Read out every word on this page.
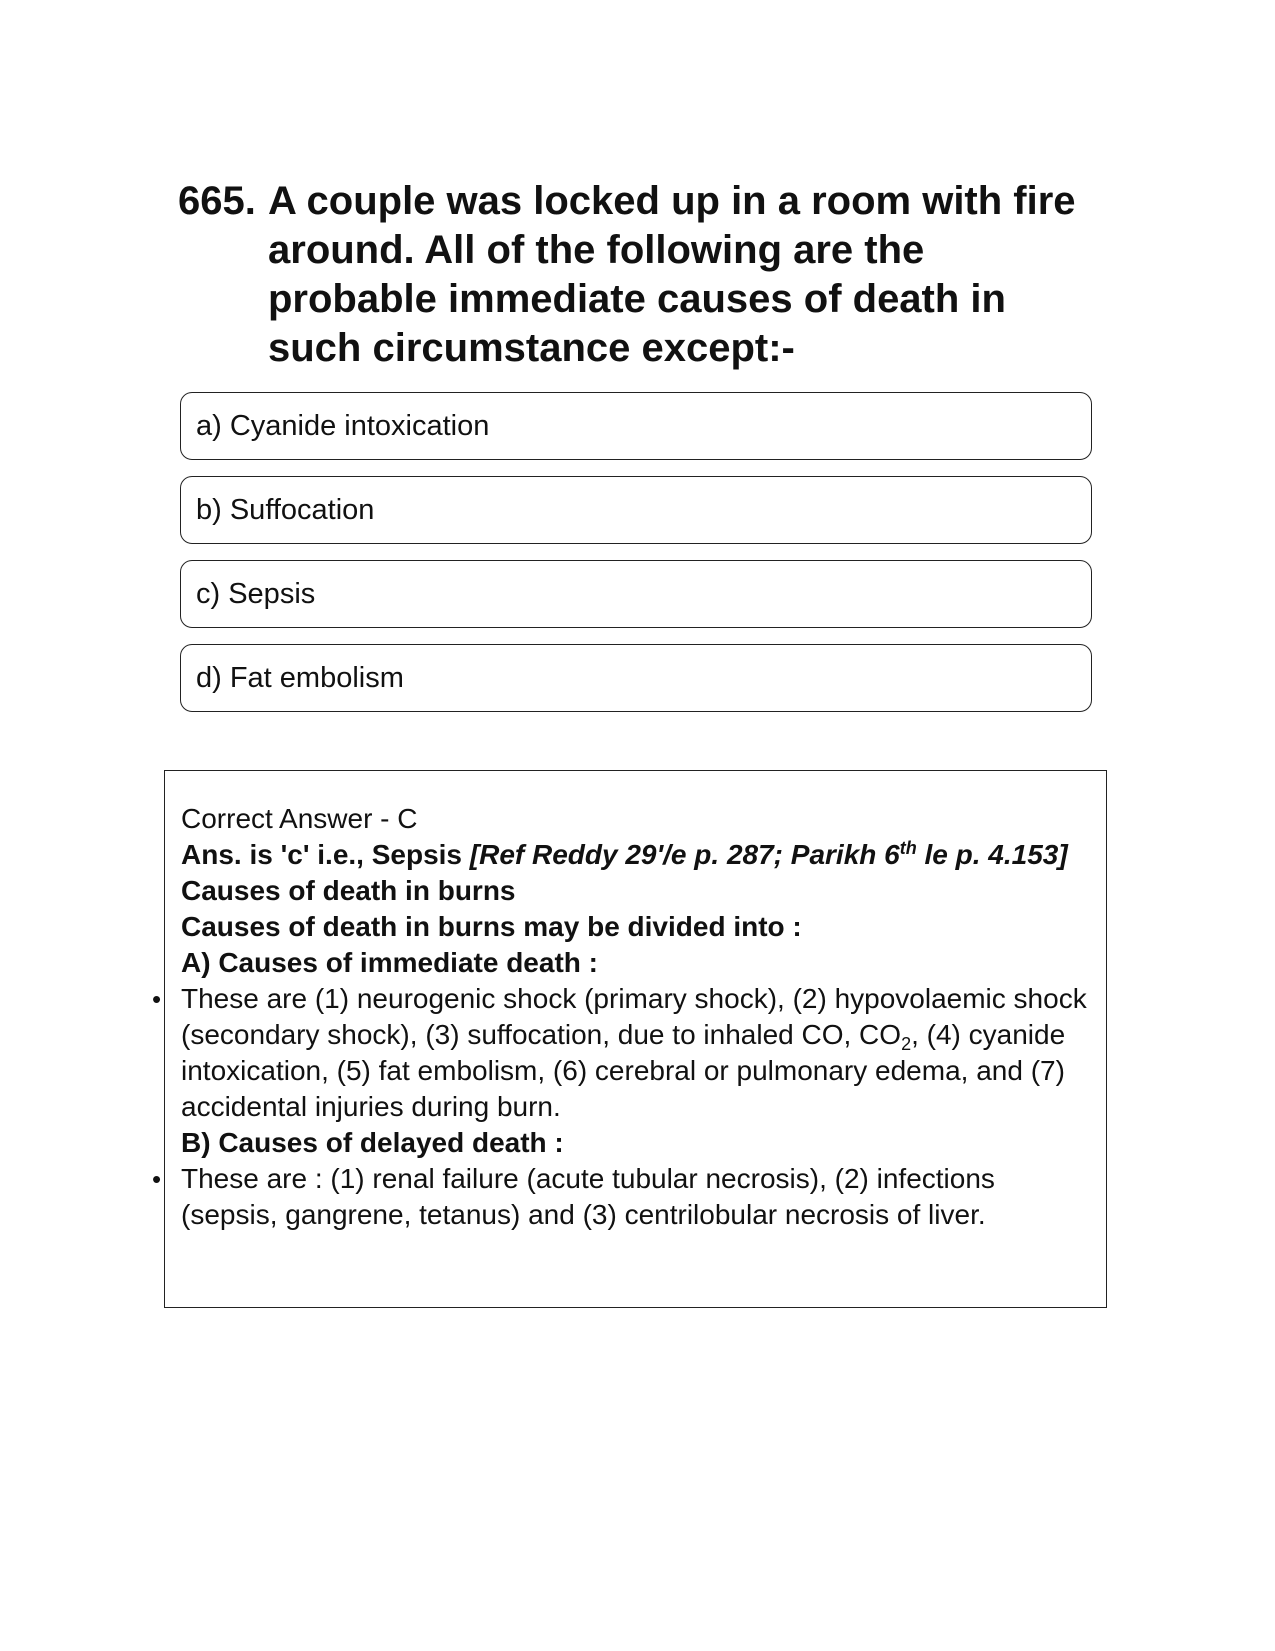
665. A couple was locked up in a room with fire around. All of the following are the probable immediate causes of death in such circumstance except:-
a) Cyanide intoxication
b) Suffocation
c) Sepsis
d) Fat embolism

Correct Answer - C

Ans. is 'c' i.e., Sepsis [Ref Reddy 29'/e p. 287; Parikh 6th le p. 4.153]

Causes of death in burns

Causes of death in burns may be divided into :

A) Causes of immediate death :

• These are (1) neurogenic shock (primary shock), (2) hypovolaemic shock (secondary shock), (3) suffocation, due to inhaled CO, $CO_2$, (4) cyanide intoxication, (5) fat embolism, (6) cerebral or pulmonary edema, and (7) accidental injuries during burn.

B) Causes of delayed death :

• These are : (1) renal failure (acute tubular necrosis), (2) infections (sepsis, gangrene, tetanus) and (3) centrilobular necrosis of liver.
